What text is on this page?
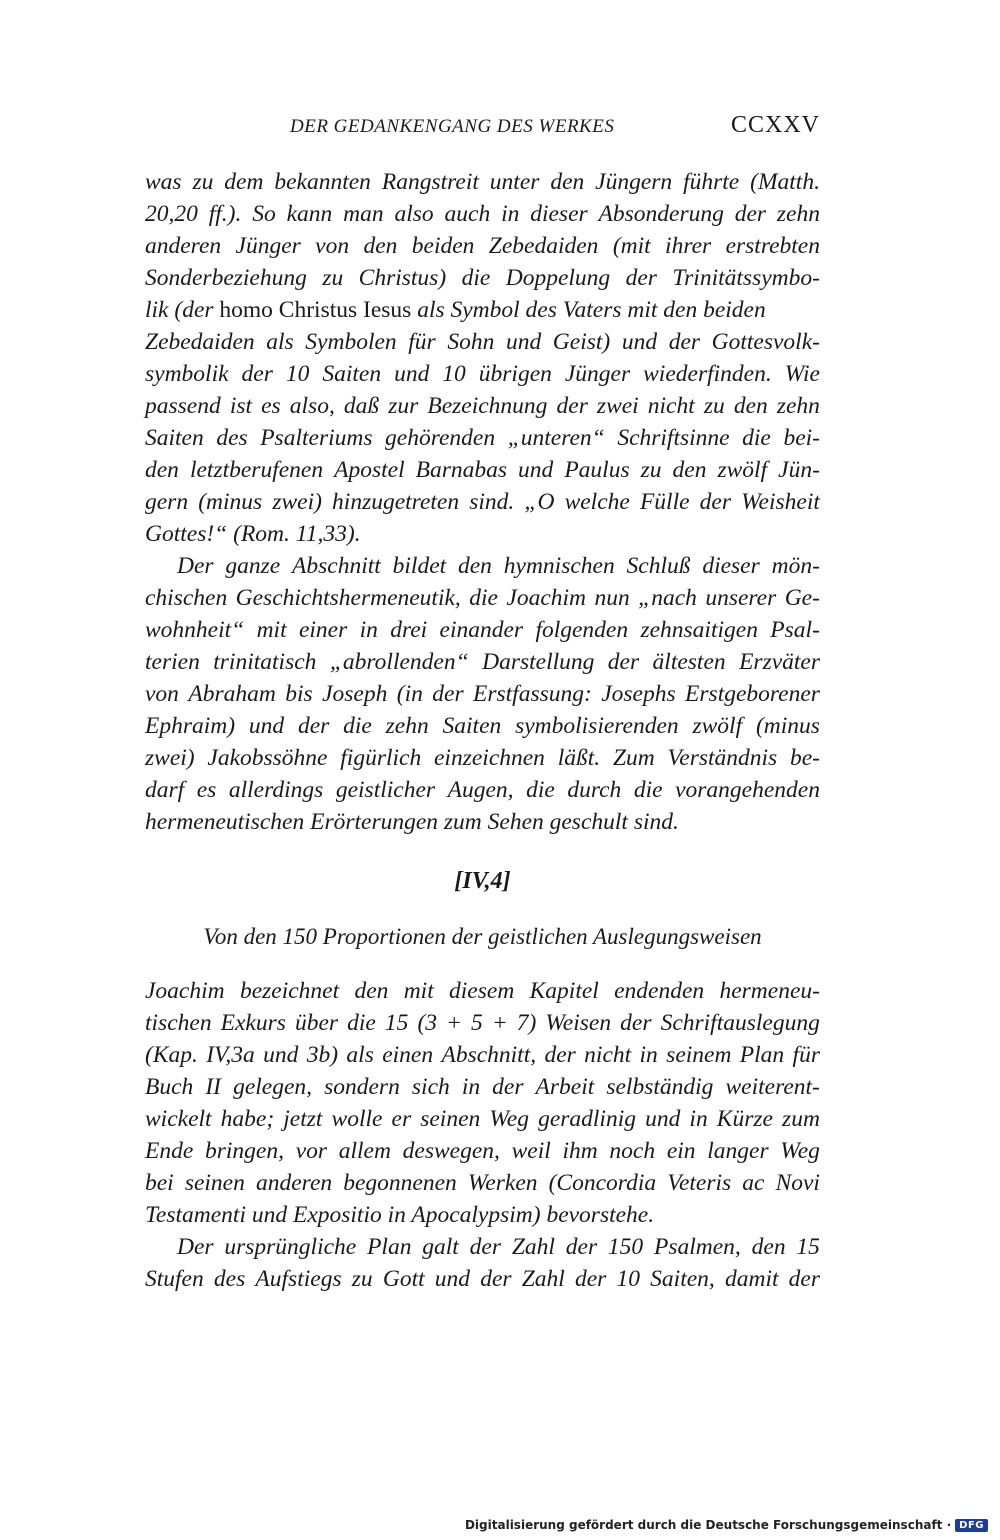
DER GEDANKENGANG DES WERKES	CCXXV
was zu dem bekannten Rangstreit unter den Jüngern führte (Matth.
20,20 ff.). So kann man also auch in dieser Absonderung der zehn
anderen Jünger von den beiden Zebedaiden (mit ihrer erstrebten
Sonderbeziehung zu Christus) die Doppelung der Trinitätssymbo-
lik (der homo Christus Iesus als Symbol des Vaters mit den beiden
Zebedaiden als Symbolen für Sohn und Geist) und der Gottesvolk-
symbolik der 10 Saiten und 10 übrigen Jünger wiederfinden. Wie
passend ist es also, daß zur Bezeichnung der zwei nicht zu den zehn
Saiten des Psalteriums gehörenden „unteren“ Schriftsinne die bei-
den letztberufenen Apostel Barnabas und Paulus zu den zwölf Jün-
gern (minus zwei) hinzugetreten sind. „O welche Fülle der Weisheit
Gottes!“ (Rom. 11,33).
Der ganze Abschnitt bildet den hymnischen Schluß dieser mön-
chischen Geschichtshermeneutik, die Joachim nun „nach unserer Ge-
wohnheit“ mit einer in drei einander folgenden zehnsaitigen Psal-
terien trinitatisch „abrollenden“ Darstellung der ältesten Erzväter
von Abraham bis Joseph (in der Erstfassung: Josephs Erstgeborener
Ephraim) und der die zehn Saiten symbolisierenden zwölf (minus
zwei) Jakobssöhne figürlich einzeichnen läßt. Zum Verständnis be-
darf es allerdings geistlicher Augen, die durch die vorangehenden
hermeneutischen Erörterungen zum Sehen geschult sind.
[IV,4]
Von den 150 Proportionen der geistlichen Auslegungsweisen
Joachim bezeichnet den mit diesem Kapitel endenden hermeneu-
tischen Exkurs über die 15 (3 + 5 + 7) Weisen der Schriftauslegung
(Kap. IV,3a und 3b) als einen Abschnitt, der nicht in seinem Plan für
Buch II gelegen, sondern sich in der Arbeit selbständig weiterent-
wickelt habe; jetzt wolle er seinen Weg geradlinig und in Kürze zum
Ende bringen, vor allem deswegen, weil ihm noch ein langer Weg
bei seinen anderen begonnenen Werken (Concordia Veteris ac Novi
Testamenti und Expositio in Apocalypsim) bevorstehe.
Der ursprüngliche Plan galt der Zahl der 150 Psalmen, den 15
Stufen des Aufstiegs zu Gott und der Zahl der 10 Saiten, damit der
Digitalisierung gefördert durch die Deutsche Forschungsgemeinschaft · DFG
